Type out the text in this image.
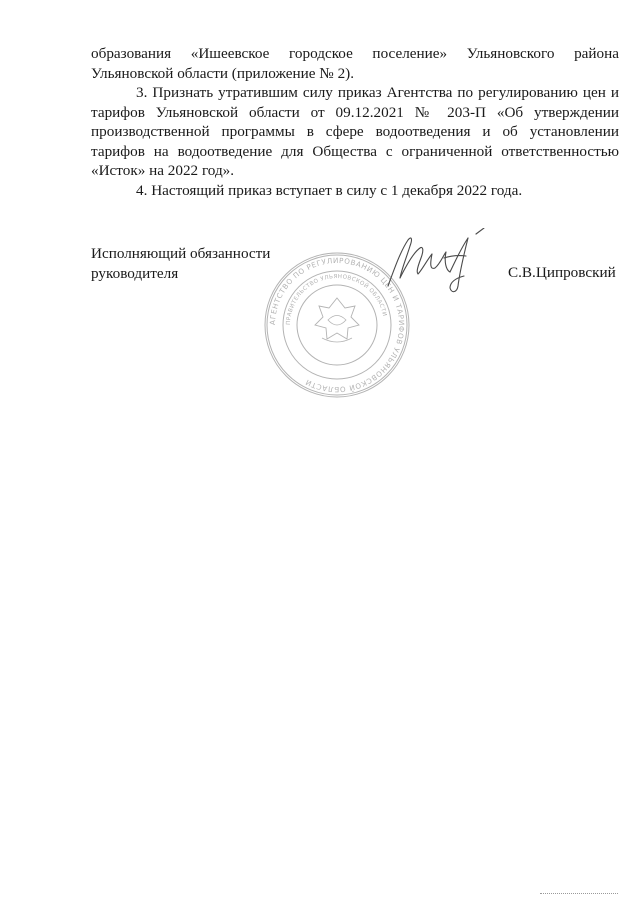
образования «Ишеевское городское поселение» Ульяновского района Ульяновской области (приложение № 2).

3. Признать утратившим силу приказ Агентства по регулированию цен и тарифов Ульяновской области от 09.12.2021 № 203-П «Об утверждении производственной программы в сфере водоотведения и об установлении тарифов на водоотведение для Общества с ограниченной ответственностью «Исток» на 2022 год».

4. Настоящий приказ вступает в силу с 1 декабря 2022 года.

Исполняющий обязанности
руководителя
АГЕНТСТВО ПО РЕГУЛИРОВАНИЮ ЦЕН И ТАРИФОВ УЛЬЯНОВСКОЙ ОБЛАСТИ
ПРАВИТЕЛЬСТВО УЛЬЯНОВСКОЙ ОБЛАСТИ
С.В.Ципровский
